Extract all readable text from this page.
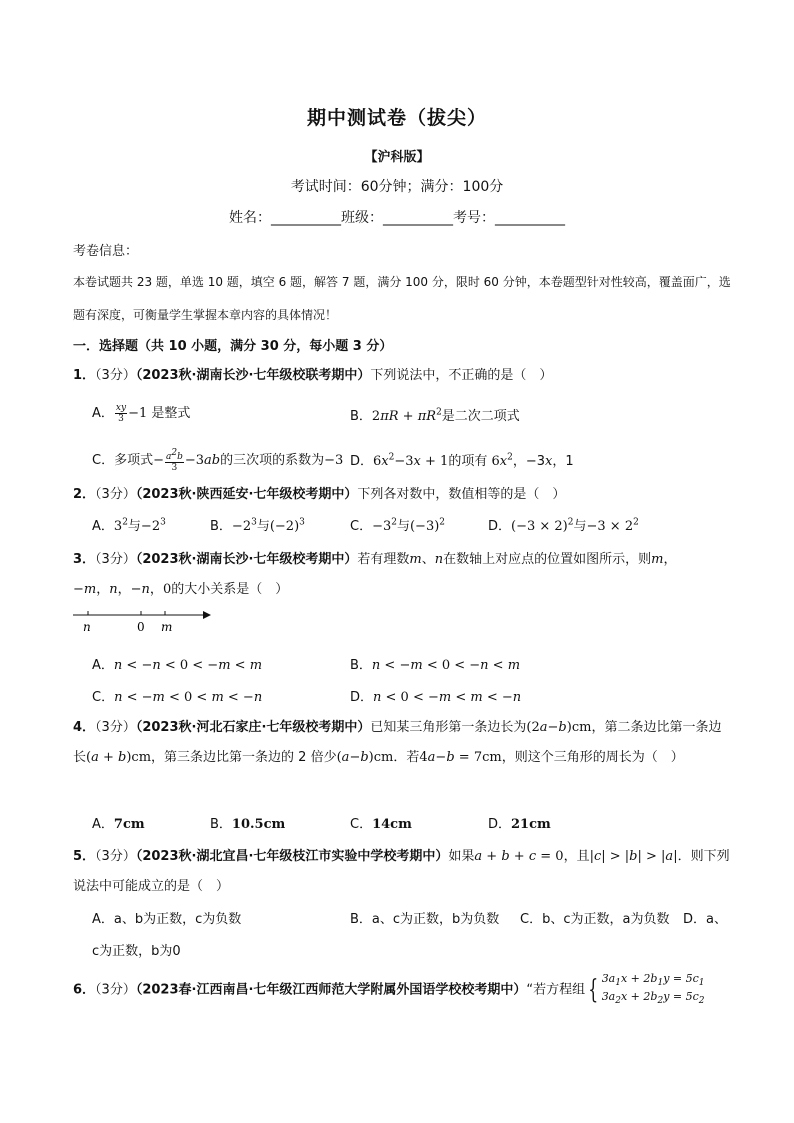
期中测试卷（拔尖）
【沪科版】
考试时间：60分钟；满分：100分
姓名：__________班级：__________考号：__________
考卷信息：
本卷试题共 23 题，单选 10 题，填空 6 题，解答 7 题，满分 100 分，限时 60 分钟，本卷题型针对性较高，覆盖面广，选题有深度，可衡量学生掌握本章内容的具体情况！
一．选择题（共 10 小题，满分 30 分，每小题 3 分）
1．（3分）（2023秋·湖南长沙·七年级校联考期中）下列说法中，不正确的是（　）
A． $\frac{xy}{3} -1$ 是整式	B．$2\pi R + \pi R^2$是二次二项式
C．多项式− $\frac{a^2b}{3} -3ab$的三次项的系数为−3 D．$6x^2-3x + 1$的项有 $6x^2$，−3x，1
2．（3分）（2023秋·陕西延安·七年级校考期中）下列各对数中，数值相等的是（　）
A．$3^2$与$-2^3$	B．$-2^3$与$(-2)^3$	C．$-3^2$与$(-3)^2$	D．$(-3 \times 2)^2$与$-3 \times 2^2$
3．（3分）（2023秋·湖南长沙·七年级校考期中）若有理数m、n在数轴上对应点的位置如图所示，则m，
−m，n，−n，0的大小关系是（　）
n	0 m
A．n < −n < 0 < −m < m	B．n < −m < 0 < −n < m
C．n < −m < 0 < m < −n	D．n < 0 < −m < m < −n
4．（3分）（2023秋·河北石家庄·七年级校考期中）已知某三角形第一条边长为(2a−b)cm，第二条边比第一条边长(a + b)cm，第三条边比第一条边的 2 倍少(a−b)cm．若4a−b = 7cm，则这个三角形的周长为（　）
A．7cm	B．10.5cm	C．14cm	D．21cm
5．（3分）（2023秋·湖北宜昌·七年级枝江市实验中学校考期中）如果a + b + c = 0，且|c| > |b| > |a|．则下列说法中可能成立的是（　）
A．a、b为正数，c为负数	B．a、c为正数，b为负数 C．b、c为正数，a为负数 D．a、
c为正数，b为0
6．（3分）（2023春·江西南昌·七年级江西师范大学附属外国语学校校考期中）“若方程组 { $3a_1x + 2b_1y = 5c_1$
$3a_2x + 2b_2y = 5c_2$
